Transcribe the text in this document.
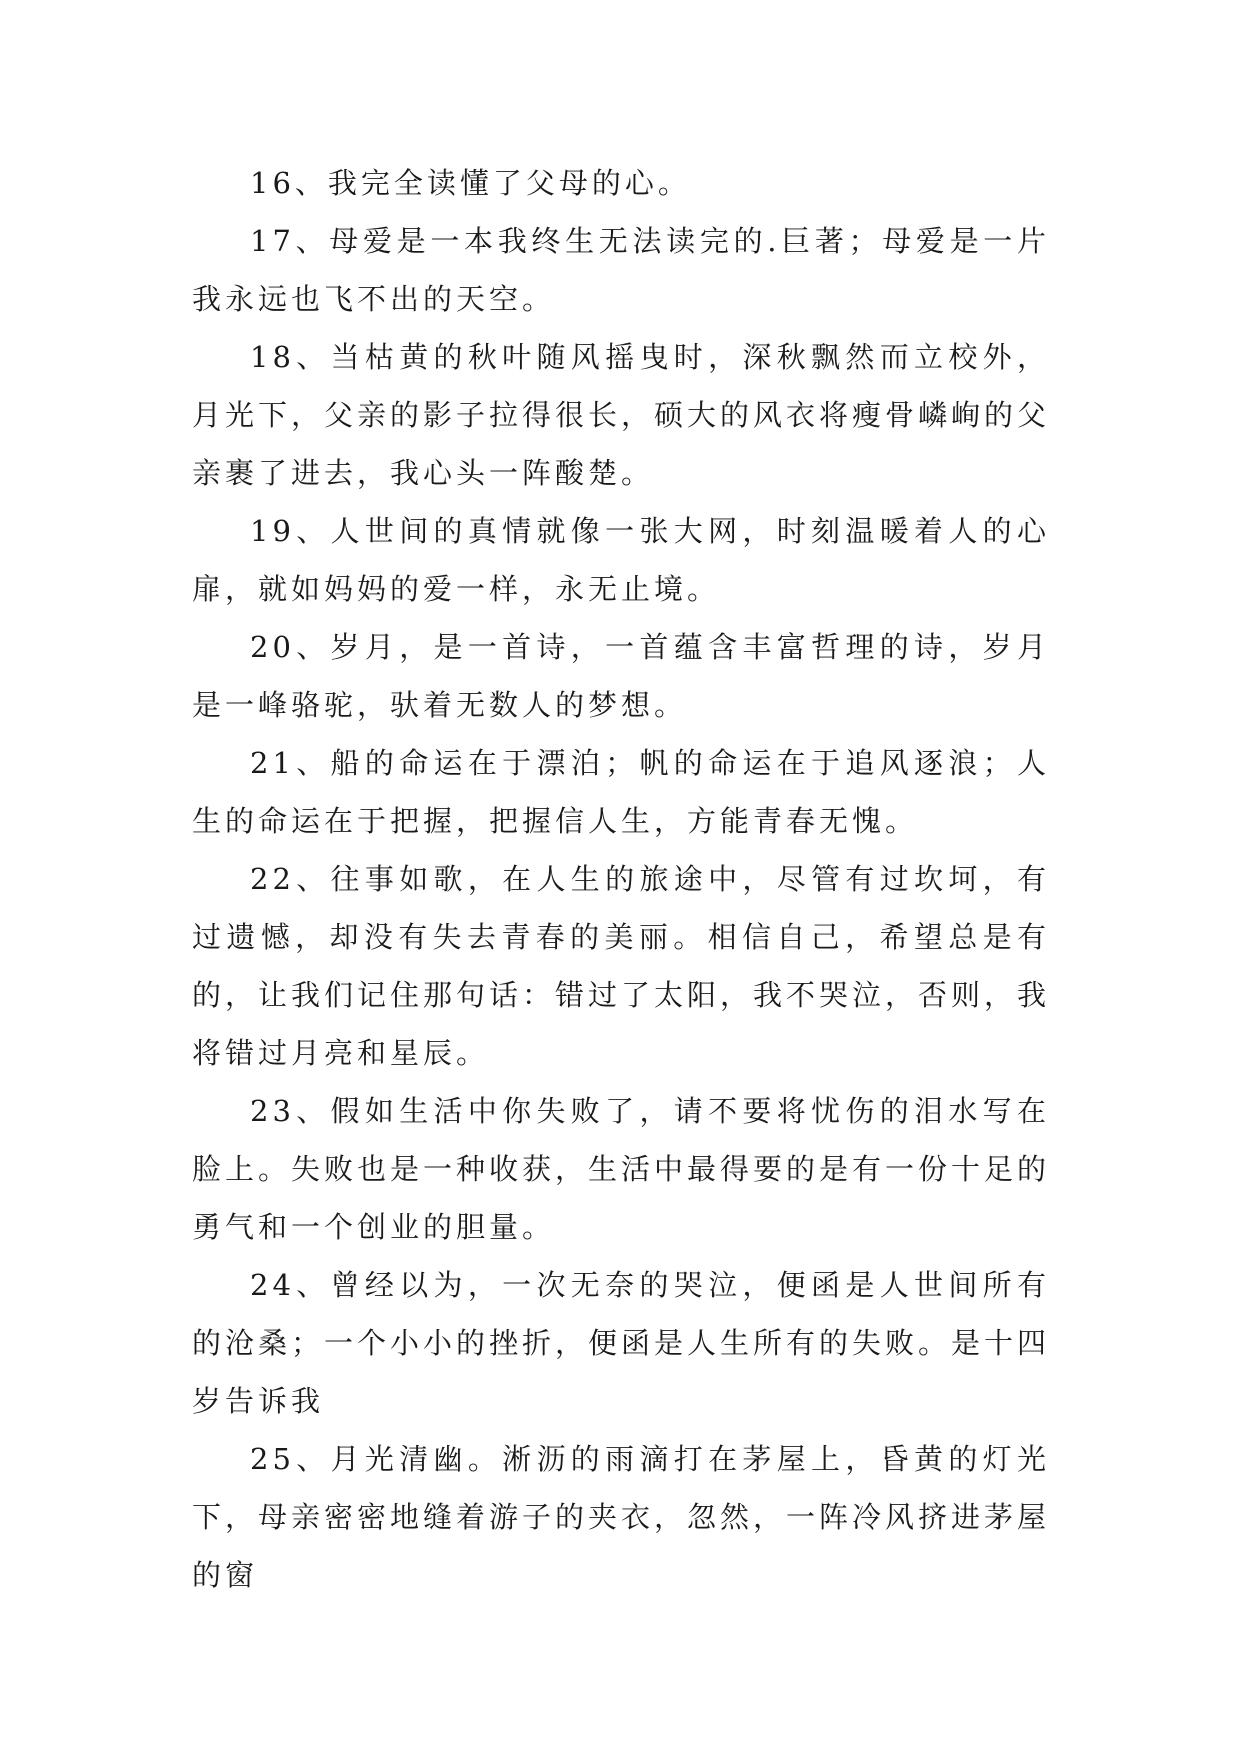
16、我完全读懂了父母的心。

17、母爱是一本我终生无法读完的.巨著；母爱是一片我永远也飞不出的天空。

18、当枯黄的秋叶随风摇曳时，深秋飘然而立校外，月光下，父亲的影子拉得很长，硕大的风衣将瘦骨嶙峋的父亲裹了进去，我心头一阵酸楚。

19、人世间的真情就像一张大网，时刻温暖着人的心扉，就如妈妈的爱一样，永无止境。

20、岁月，是一首诗，一首蕴含丰富哲理的诗，岁月是一峰骆驼，驮着无数人的梦想。

21、船的命运在于漂泊；帆的命运在于追风逐浪；人生的命运在于把握，把握信人生，方能青春无愧。

22、往事如歌，在人生的旅途中，尽管有过坎坷，有过遗憾，却没有失去青春的美丽。相信自己，希望总是有的，让我们记住那句话：错过了太阳，我不哭泣，否则，我将错过月亮和星辰。

23、假如生活中你失败了，请不要将忧伤的泪水写在脸上。失败也是一种收获，生活中最得要的是有一份十足的勇气和一个创业的胆量。

24、曾经以为，一次无奈的哭泣，便函是人世间所有的沧桑；一个小小的挫折，便函是人生所有的失败。是十四岁告诉我

25、月光清幽。淅沥的雨滴打在茅屋上，昏黄的灯光下，母亲密密地缝着游子的夹衣，忽然，一阵冷风挤进茅屋的窗
